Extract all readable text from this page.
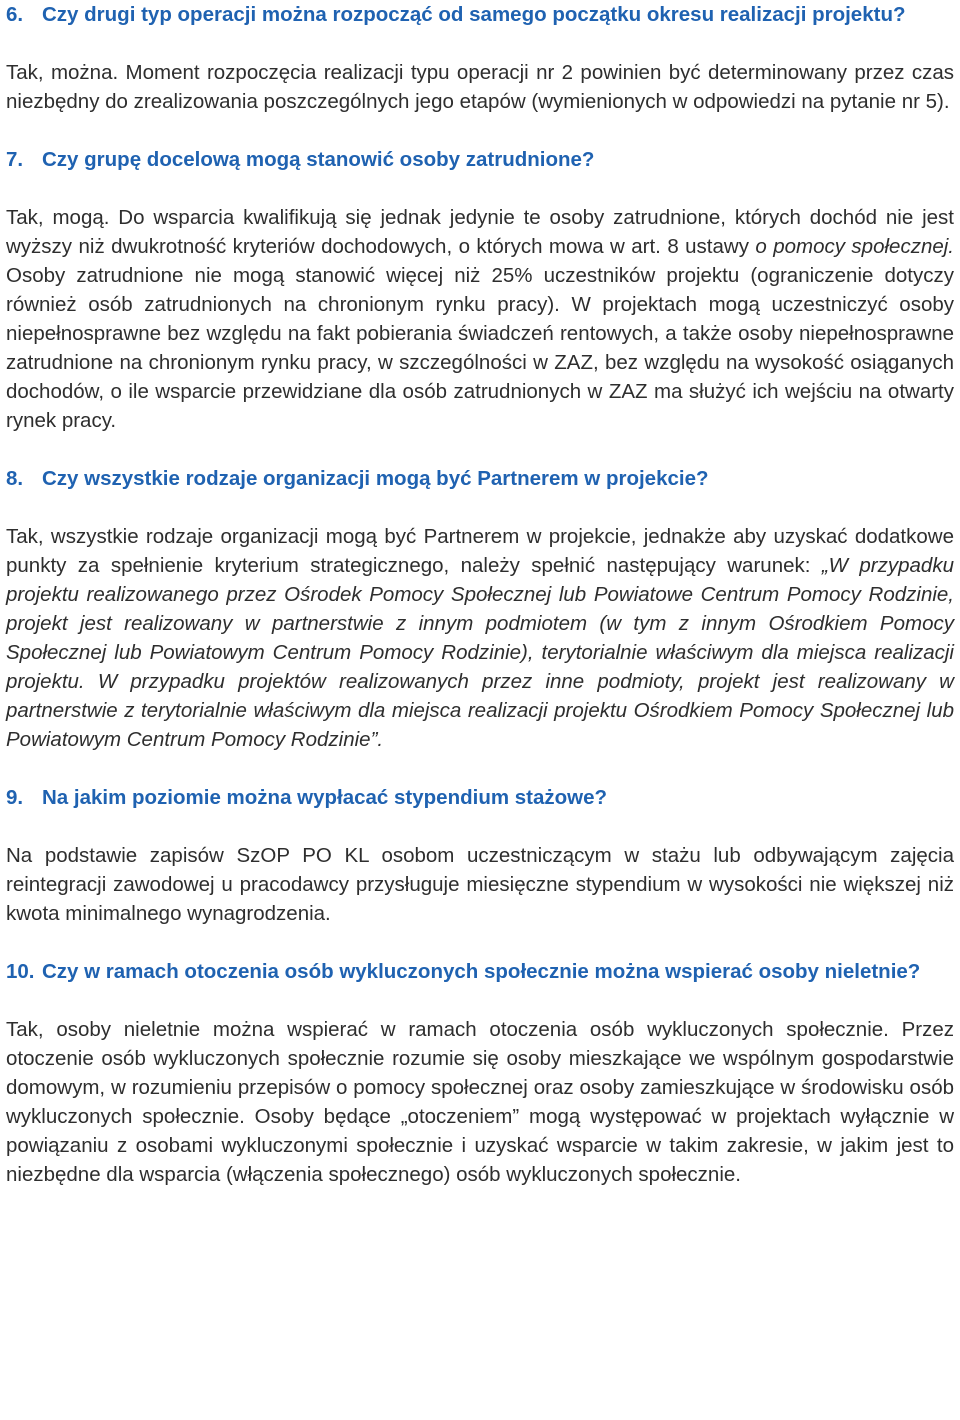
6. Czy drugi typ operacji można rozpocząć od samego początku okresu realizacji projektu?

Tak, można. Moment rozpoczęcia realizacji typu operacji nr 2 powinien być determinowany przez czas niezbędny do zrealizowania poszczególnych jego etapów (wymienionych w odpowiedzi na pytanie nr 5).

7. Czy grupę docelową mogą stanowić osoby zatrudnione?

Tak, mogą. Do wsparcia kwalifikują się jednak jedynie te osoby zatrudnione, których dochód nie jest wyższy niż dwukrotność kryteriów dochodowych, o których mowa w art. 8 ustawy o pomocy społecznej. Osoby zatrudnione nie mogą stanowić więcej niż 25% uczestników projektu (ograniczenie dotyczy również osób zatrudnionych na chronionym rynku pracy). W projektach mogą uczestniczyć osoby niepełnosprawne bez względu na fakt pobierania świadczeń rentowych, a także osoby niepełnosprawne zatrudnione na chronionym rynku pracy, w szczególności w ZAZ, bez względu na wysokość osiąganych dochodów, o ile wsparcie przewidziane dla osób zatrudnionych w ZAZ ma służyć ich wejściu na otwarty rynek pracy.

8. Czy wszystkie rodzaje organizacji mogą być Partnerem w projekcie?

Tak, wszystkie rodzaje organizacji mogą być Partnerem w projekcie, jednakże aby uzyskać dodatkowe punkty za spełnienie kryterium strategicznego, należy spełnić następujący warunek: „W przypadku projektu realizowanego przez Ośrodek Pomocy Społecznej lub Powiatowe Centrum Pomocy Rodzinie, projekt jest realizowany w partnerstwie z innym podmiotem (w tym z innym Ośrodkiem Pomocy Społecznej lub Powiatowym Centrum Pomocy Rodzinie), terytorialnie właściwym dla miejsca realizacji projektu. W przypadku projektów realizowanych przez inne podmioty, projekt jest realizowany w partnerstwie z terytorialnie właściwym dla miejsca realizacji projektu Ośrodkiem Pomocy Społecznej lub Powiatowym Centrum Pomocy Rodzinie”.

9. Na jakim poziomie można wypłacać stypendium stażowe?

Na podstawie zapisów SzOP PO KL osobom uczestniczącym w stażu lub odbywającym zajęcia reintegracji zawodowej u pracodawcy przysługuje miesięczne stypendium w wysokości nie większej niż kwota minimalnego wynagrodzenia.

10. Czy w ramach otoczenia osób wykluczonych społecznie można wspierać osoby nieletnie?

Tak, osoby nieletnie można wspierać w ramach otoczenia osób wykluczonych społecznie. Przez otoczenie osób wykluczonych społecznie rozumie się osoby mieszkające we wspólnym gospodarstwie domowym, w rozumieniu przepisów o pomocy społecznej oraz osoby zamieszkujące w środowisku osób wykluczonych społecznie. Osoby będące „otoczeniem” mogą występować w projektach wyłącznie w powiązaniu z osobami wykluczonymi społecznie i uzyskać wsparcie w takim zakresie, w jakim jest to niezbędne dla wsparcia (włączenia społecznego) osób wykluczonych społecznie.
